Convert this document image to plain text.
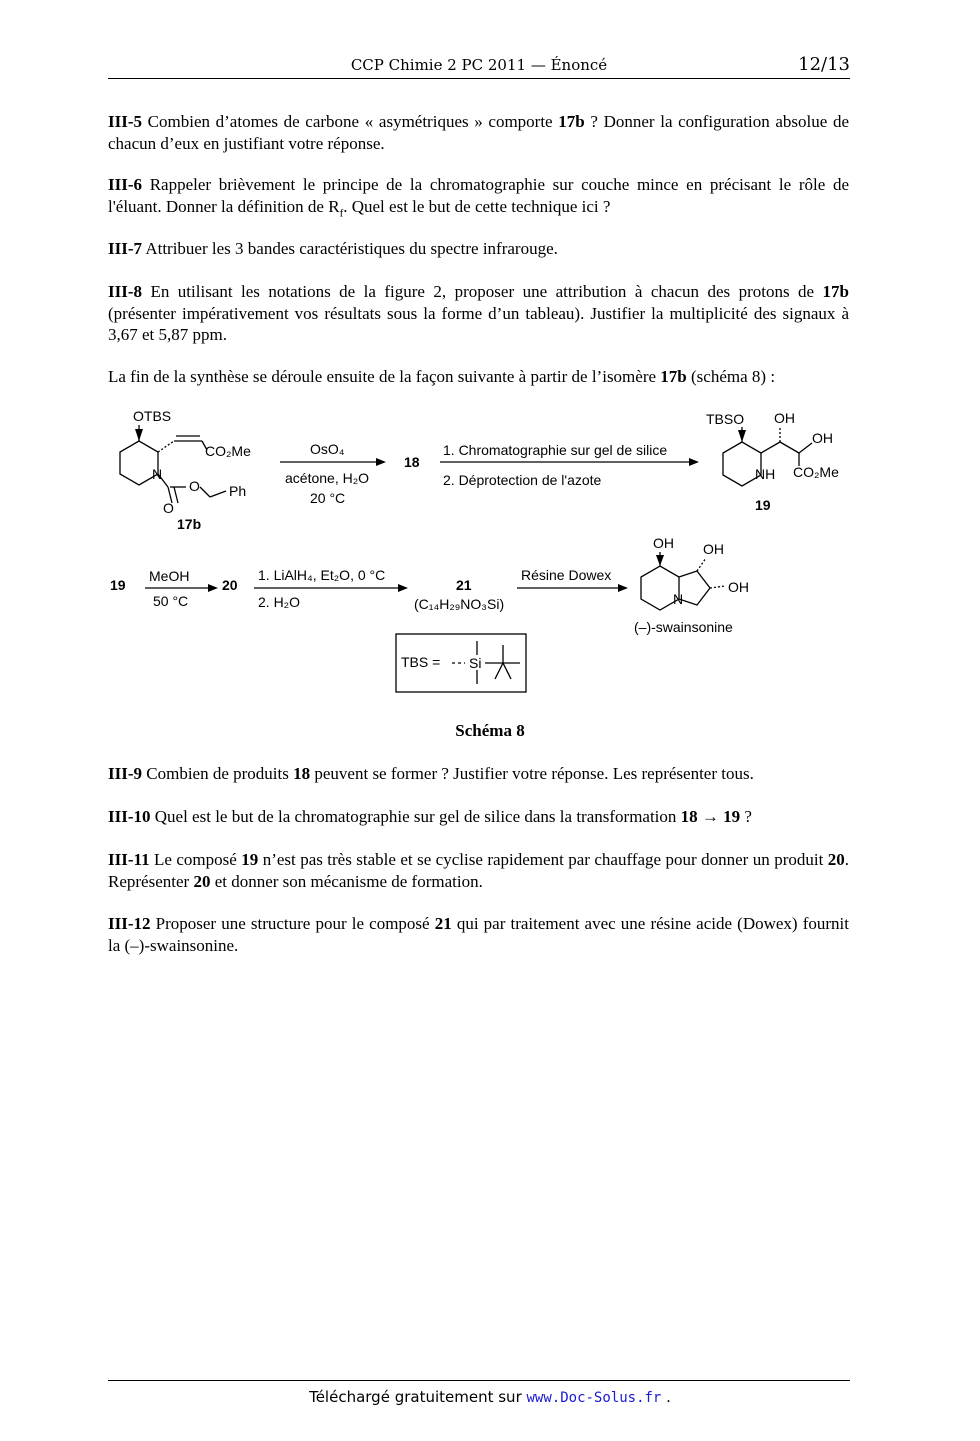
CCP Chimie 2 PC 2011 — Énoncé	12/13
III-5 Combien d’atomes de carbone « asymétriques » comporte 17b ? Donner la configuration absolue de chacun d’eux en justifiant votre réponse.
III-6 Rappeler brièvement le principe de la chromatographie sur couche mince en précisant le rôle de l'éluant. Donner la définition de $R_f$. Quel est le but de cette technique ici ?
III-7 Attribuer les 3 bandes caractéristiques du spectre infrarouge.
III-8 En utilisant les notations de la figure 2, proposer une attribution à chacun des protons de 17b (présenter impérativement vos résultats sous la forme d’un tableau). Justifier la multiplicité des signaux à 3,67 et 5,87 ppm.
La fin de la synthèse se déroule ensuite de la façon suivante à partir de l’isomère 17b (schéma 8) :
OTBS
CO₂Me
N
O
O
Ph
17b
OsO₄
acétone, H₂O
20 °C
18
1. Chromatographie sur gel de silice
2. Déprotection de l'azote
TBSO OH
OH
NH CO₂Me
19
19
MeOH
50 °C
20
1. LiAlH₄, Et₂O, 0 °C
2. H₂O
21
(C₁₄H₂₉NO₃Si)
Résine Dowex
OH OH
OH
N
(–)-swainsonine
TBS = Si
Schéma 8
III-9 Combien de produits 18 peuvent se former ? Justifier votre réponse. Les représenter tous.
III-10 Quel est le but de la chromatographie sur gel de silice dans la transformation 18 → 19 ?
III-11 Le composé 19 n’est pas très stable et se cyclise rapidement par chauffage pour donner un produit 20. Représenter 20 et donner son mécanisme de formation.
III-12 Proposer une structure pour le composé 21 qui par traitement avec une résine acide (Dowex) fournit la (–)-swainsonine.
Téléchargé gratuitement sur www.Doc-Solus.fr .
